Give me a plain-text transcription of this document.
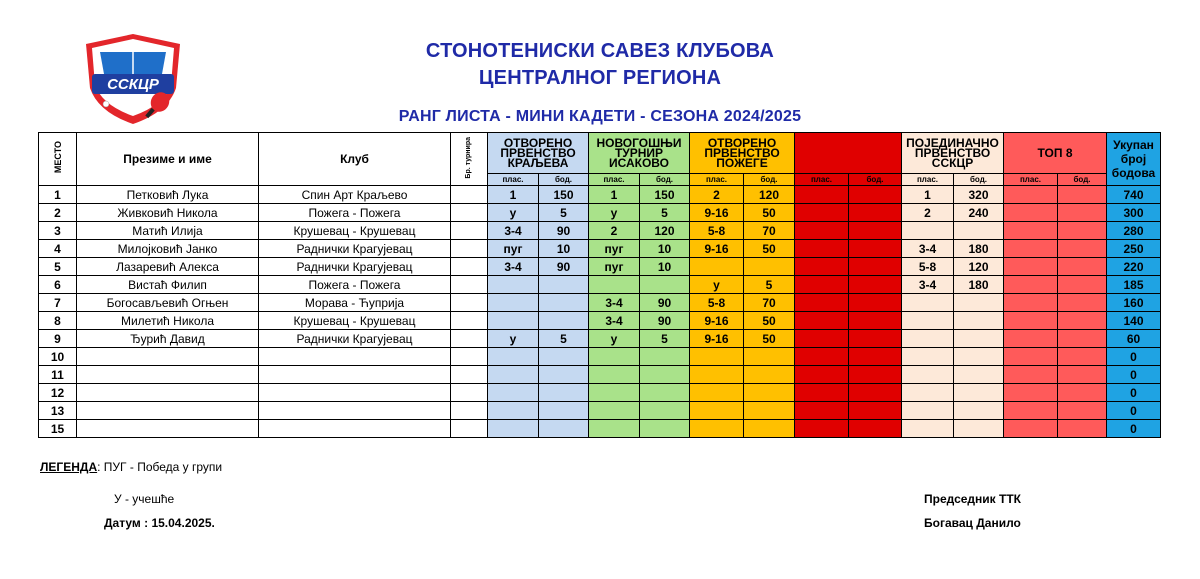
ССКЦР
СТОНОТЕНИСКИ САВЕЗ КЛУБОВА
ЦЕНТРАЛНОГ РЕГИОНА
РАНГ ЛИСТА - МИНИ КАДЕТИ - СЕЗОНА 2024/2025
МЕСТО	Презиме и име	Клуб	Бр. турнира	ОТВОРЕНО ПРВЕНСТВО КРАЉЕВА		НОВОГОШЊИ ТУРНИР ИСАКОВО		ОТВОРЕНО ПРВЕНСТВО ПОЖЕГЕ				ПОЈЕДИНАЧНО ПРВЕНСТВО ССКЦР		ТОП 8		Укупан број бодова
				плас.	бод.	плас.	бод.	плас.	бод.	плас.	бод.	плас.	бод.	плас.	бод.	
1	Петковић Лука	Спин Арт Краљево		1	150	1	150	2	120			1	320			740
2	Живковић Никола	Пожега - Пожега		у	5	у	5	9-16	50			2	240			300
3	Матић Илија	Крушевац - Крушевац		3-4	90	2	120	5-8	70							280
4	Милојковић Јанко	Раднички Крагујевац		пуг	10	пуг	10	9-16	50			3-4	180			250
5	Лазаревић Алекса	Раднички Крагујевац		3-4	90	пуг	10					5-8	120			220
6	Вистаћ Филип	Пожега - Пожега						у	5			3-4	180			185
7	Богосављевић Огњен	Морава - Ћуприја				3-4	90	5-8	70							160
8	Милетић Никола	Крушевац - Крушевац				3-4	90	9-16	50							140
9	Ђурић Давид	Раднички Крагујевац		у	5	у	5	9-16	50							60
10																0
11																0
12																0
13																0
15																0
ЛЕГЕНДА: ПУГ - Победа у групи
У - учешће
Датум : 15.04.2025.
Председник ТТК
Богавац Данило
